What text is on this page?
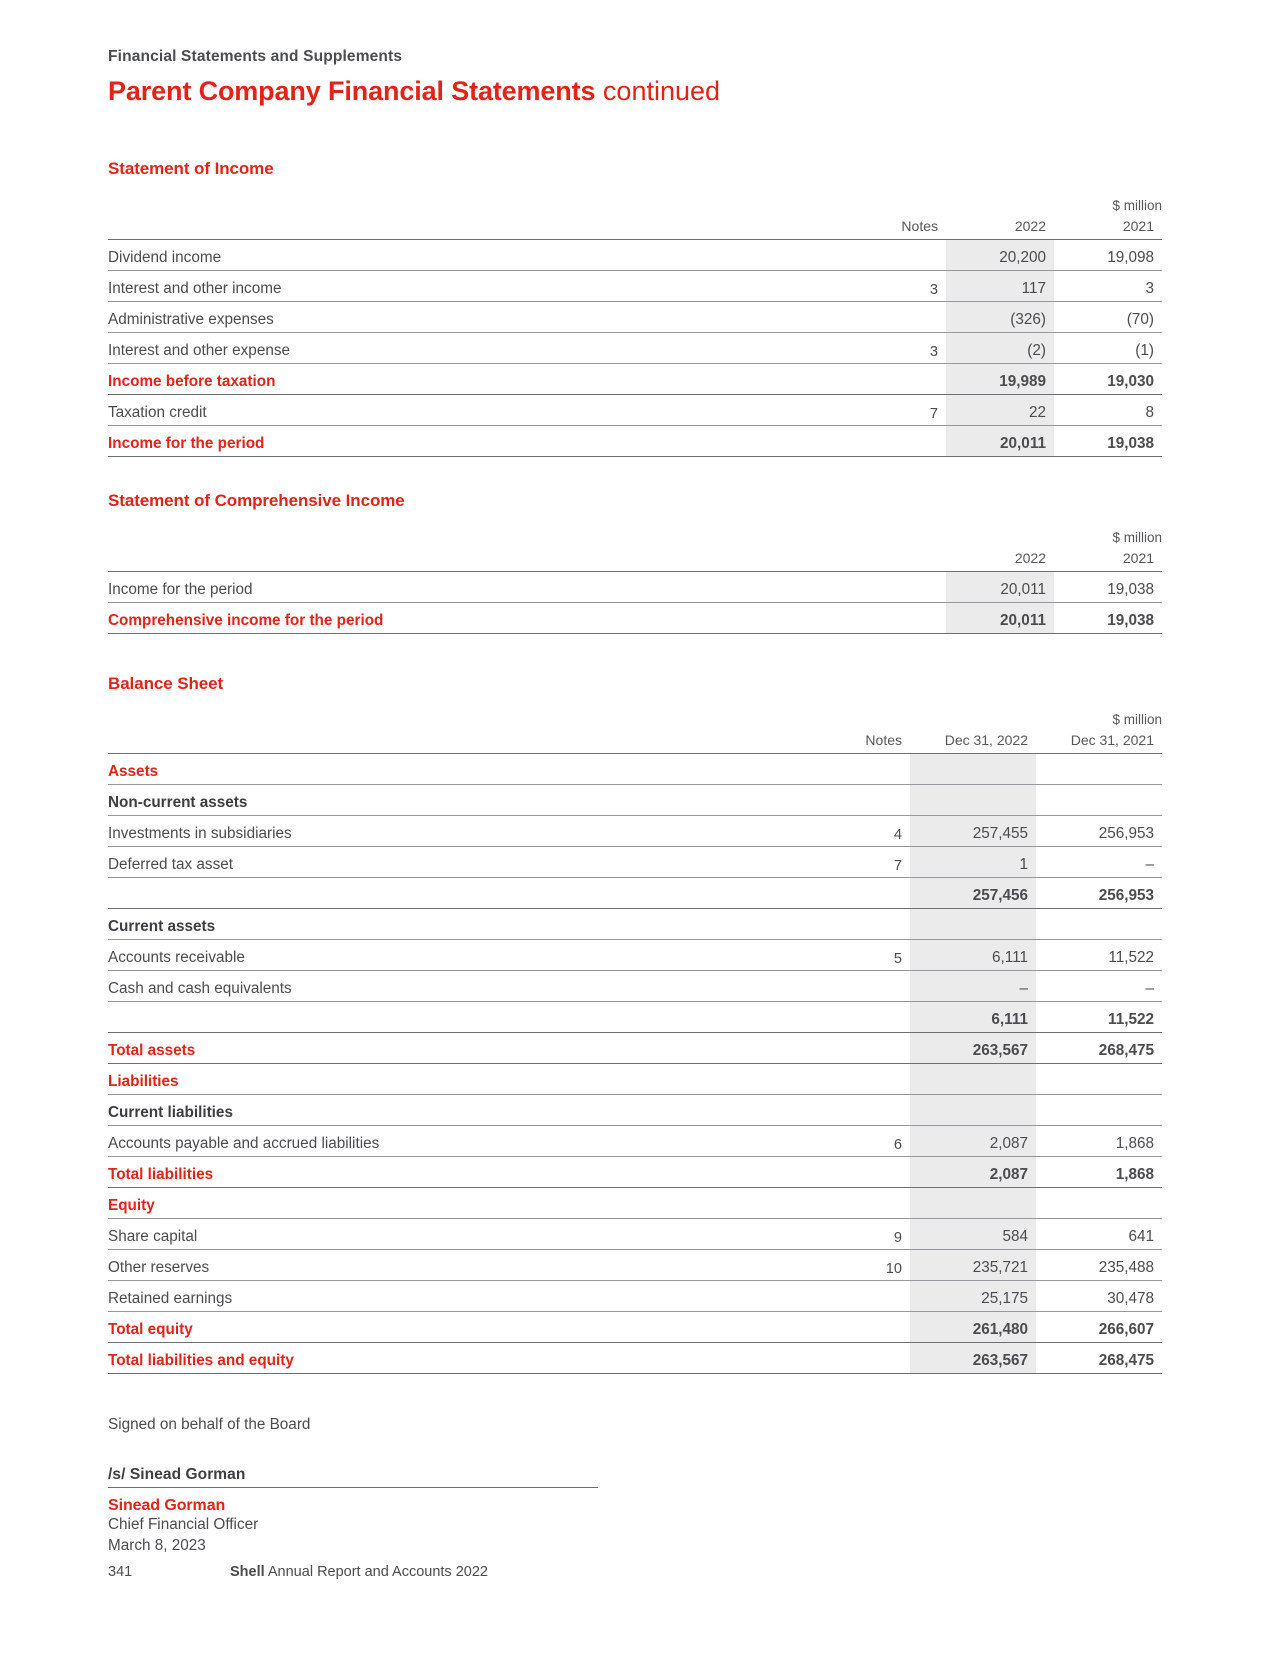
Financial Statements and Supplements
Parent Company Financial Statements continued
Statement of Income
			$ million
	Notes	2022	2021
Dividend income		20,200	19,098
Interest and other income	3	117	3
Administrative expenses		(326)	(70)
Interest and other expense	3	(2)	(1)
Income before taxation		19,989	19,030
Taxation credit	7	22	8
Income for the period		20,011	19,038
Statement of Comprehensive Income
			$ million
		2022	2021
Income for the period		20,011	19,038
Comprehensive income for the period		20,011	19,038
Balance Sheet
			$ million
	Notes	Dec 31, 2022	Dec 31, 2021
Assets			
Non-current assets			
Investments in subsidiaries	4	257,455	256,953
Deferred tax asset	7	1	–
		257,456	256,953
Current assets			
Accounts receivable	5	6,111	11,522
Cash and cash equivalents		–	–
		6,111	11,522
Total assets		263,567	268,475
Liabilities			
Current liabilities			
Accounts payable and accrued liabilities	6	2,087	1,868
Total liabilities		2,087	1,868
Equity			
Share capital	9	584	641
Other reserves	10	235,721	235,488
Retained earnings		25,175	30,478
Total equity		261,480	266,607
Total liabilities and equity		263,567	268,475
Signed on behalf of the Board
/s/ Sinead Gorman
Sinead Gorman
Chief Financial Officer
March 8, 2023
341	Shell Annual Report and Accounts 2022
